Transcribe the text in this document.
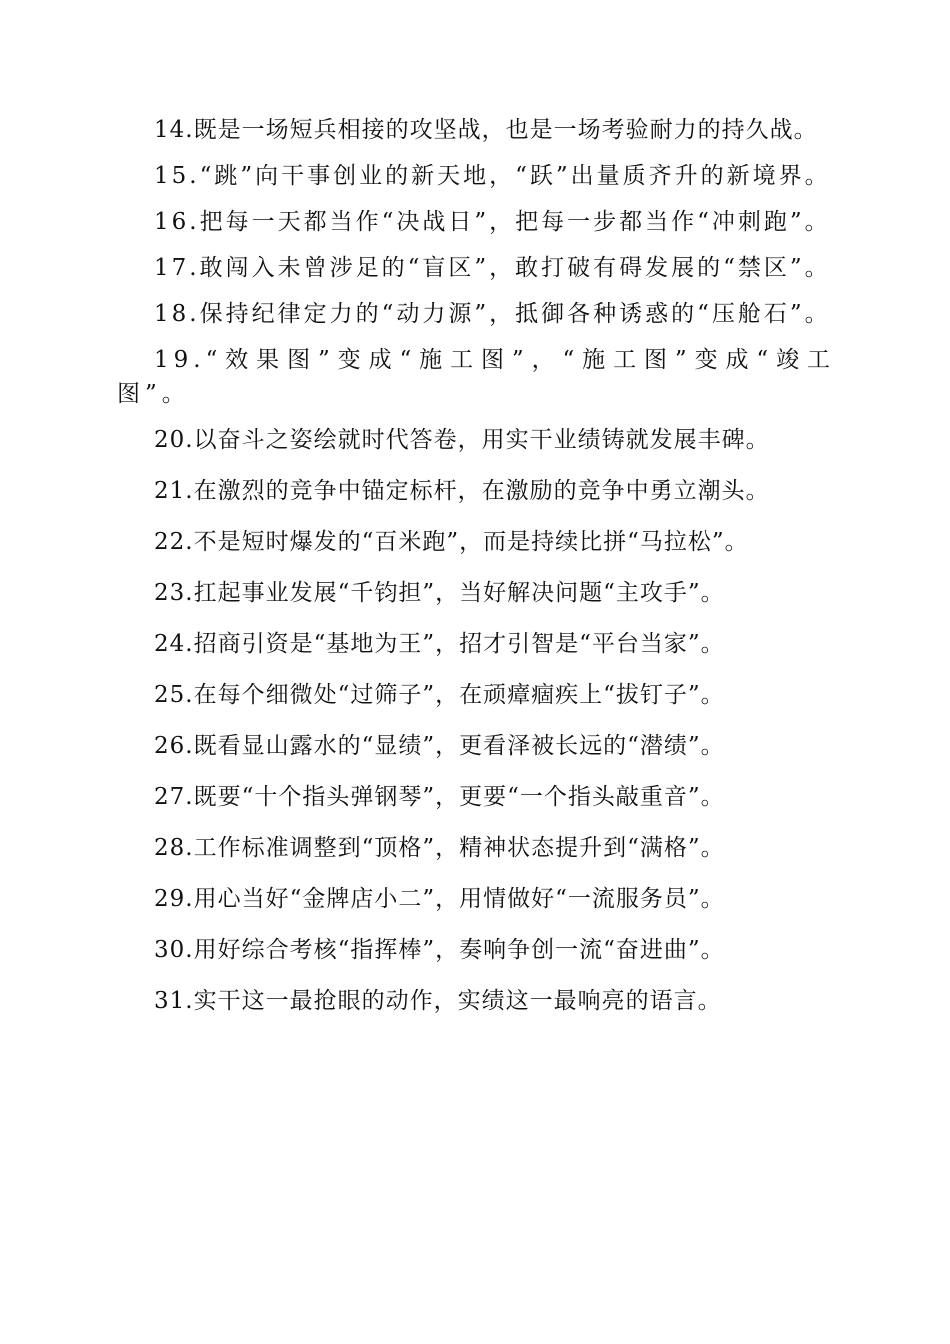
14.既是一场短兵相接的攻坚战，也是一场考验耐力的持久战。

15.“跳”向干事创业的新天地，“跃”出量质齐升的新境界。

16.把每一天都当作“决战日”，把每一步都当作“冲刺跑”。

17.敢闯入未曾涉足的“盲区”，敢打破有碍发展的“禁区”。

18.保持纪律定力的“动力源”，抵御各种诱惑的“压舱石”。

19.“效果图”变成“施工图”，“施工图”变成“竣工图”。

20.以奋斗之姿绘就时代答卷，用实干业绩铸就发展丰碑。

21.在激烈的竞争中锚定标杆，在激励的竞争中勇立潮头。

22.不是短时爆发的“百米跑”，而是持续比拼“马拉松”。

23.扛起事业发展“千钧担”，当好解决问题“主攻手”。

24.招商引资是“基地为王”，招才引智是“平台当家”。

25.在每个细微处“过筛子”，在顽瘴痼疾上“拔钉子”。

26.既看显山露水的“显绩”，更看泽被长远的“潜绩”。

27.既要“十个指头弹钢琴”，更要“一个指头敲重音”。

28.工作标准调整到“顶格”，精神状态提升到“满格”。

29.用心当好“金牌店小二”，用情做好“一流服务员”。

30.用好综合考核“指挥棒”，奏响争创一流“奋进曲”。

31.实干这一最抢眼的动作，实绩这一最响亮的语言。
